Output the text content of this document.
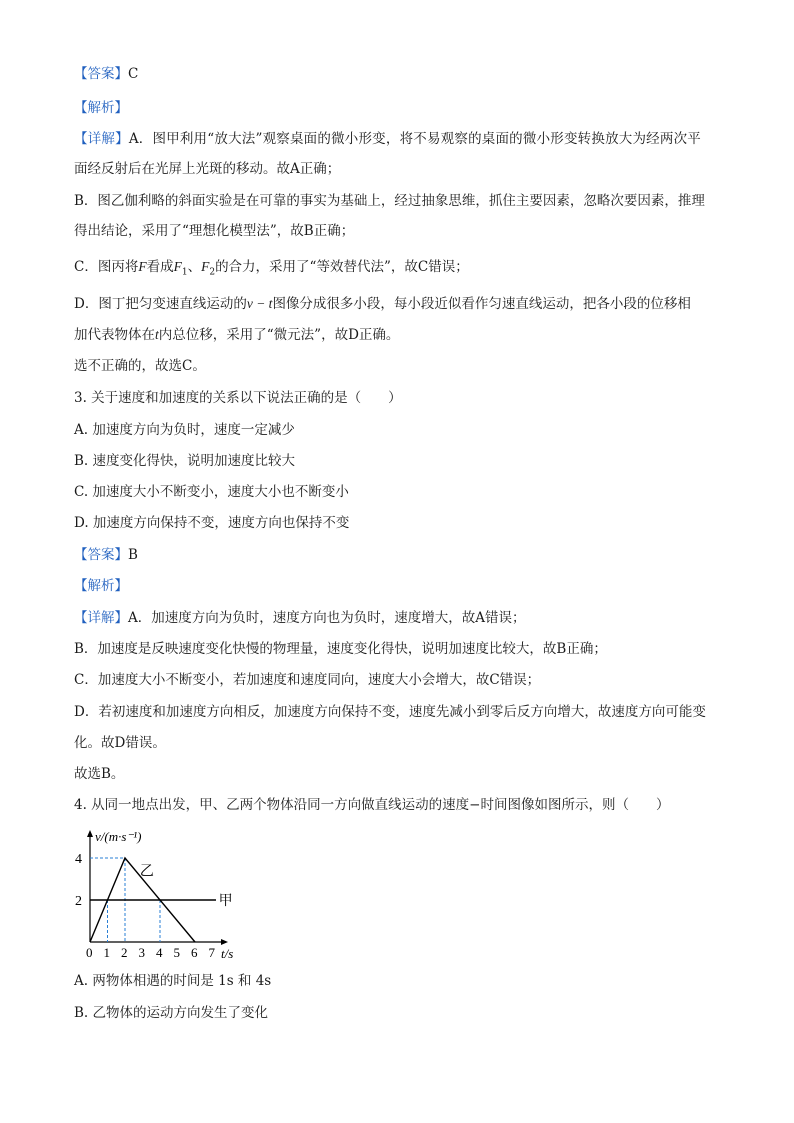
【答案】C
【解析】
【详解】A．图甲利用“放大法”观察桌面的微小形变，将不易观察的桌面的微小形变转换放大为经两次平
面经反射后在光屏上光斑的移动。故A正确；
B．图乙伽利略的斜面实验是在可靠的事实为基础上，经过抽象思维，抓住主要因素，忽略次要因素，推理
得出结论，采用了“理想化模型法”，故B正确；
C．图丙将F看成$F_1$、$F_2$的合力，采用了“等效替代法”，故C错误；
D．图丁把匀变速直线运动的v − t图像分成很多小段，每小段近似看作匀速直线运动，把各小段的位移相
加代表物体在t内总位移，采用了“微元法”，故D正确。
选不正确的，故选C。
3. 关于速度和加速度的关系以下说法正确的是（　　）
A. 加速度方向为负时，速度一定减少
B. 速度变化得快，说明加速度比较大
C. 加速度大小不断变小，速度大小也不断变小
D. 加速度方向保持不变，速度方向也保持不变
【答案】B
【解析】
【详解】A．加速度方向为负时，速度方向也为负时，速度增大，故A错误；
B．加速度是反映速度变化快慢的物理量，速度变化得快，说明加速度比较大，故B正确；
C．加速度大小不断变小，若加速度和速度同向，速度大小会增大，故C错误；
D．若初速度和加速度方向相反，加速度方向保持不变，速度先减小到零后反方向增大，故速度方向可能变
化。故D错误。
故选B。
4. 从同一地点出发，甲、乙两个物体沿同一方向做直线运动的速度−时间图像如图所示，则（　　）
甲
乙
0 1 2 3 4 5 6 7
2
4
t/s
v/(m·s⁻¹)
A. 两物体相遇的时间是 1s 和 4s
B. 乙物体的运动方向发生了变化
